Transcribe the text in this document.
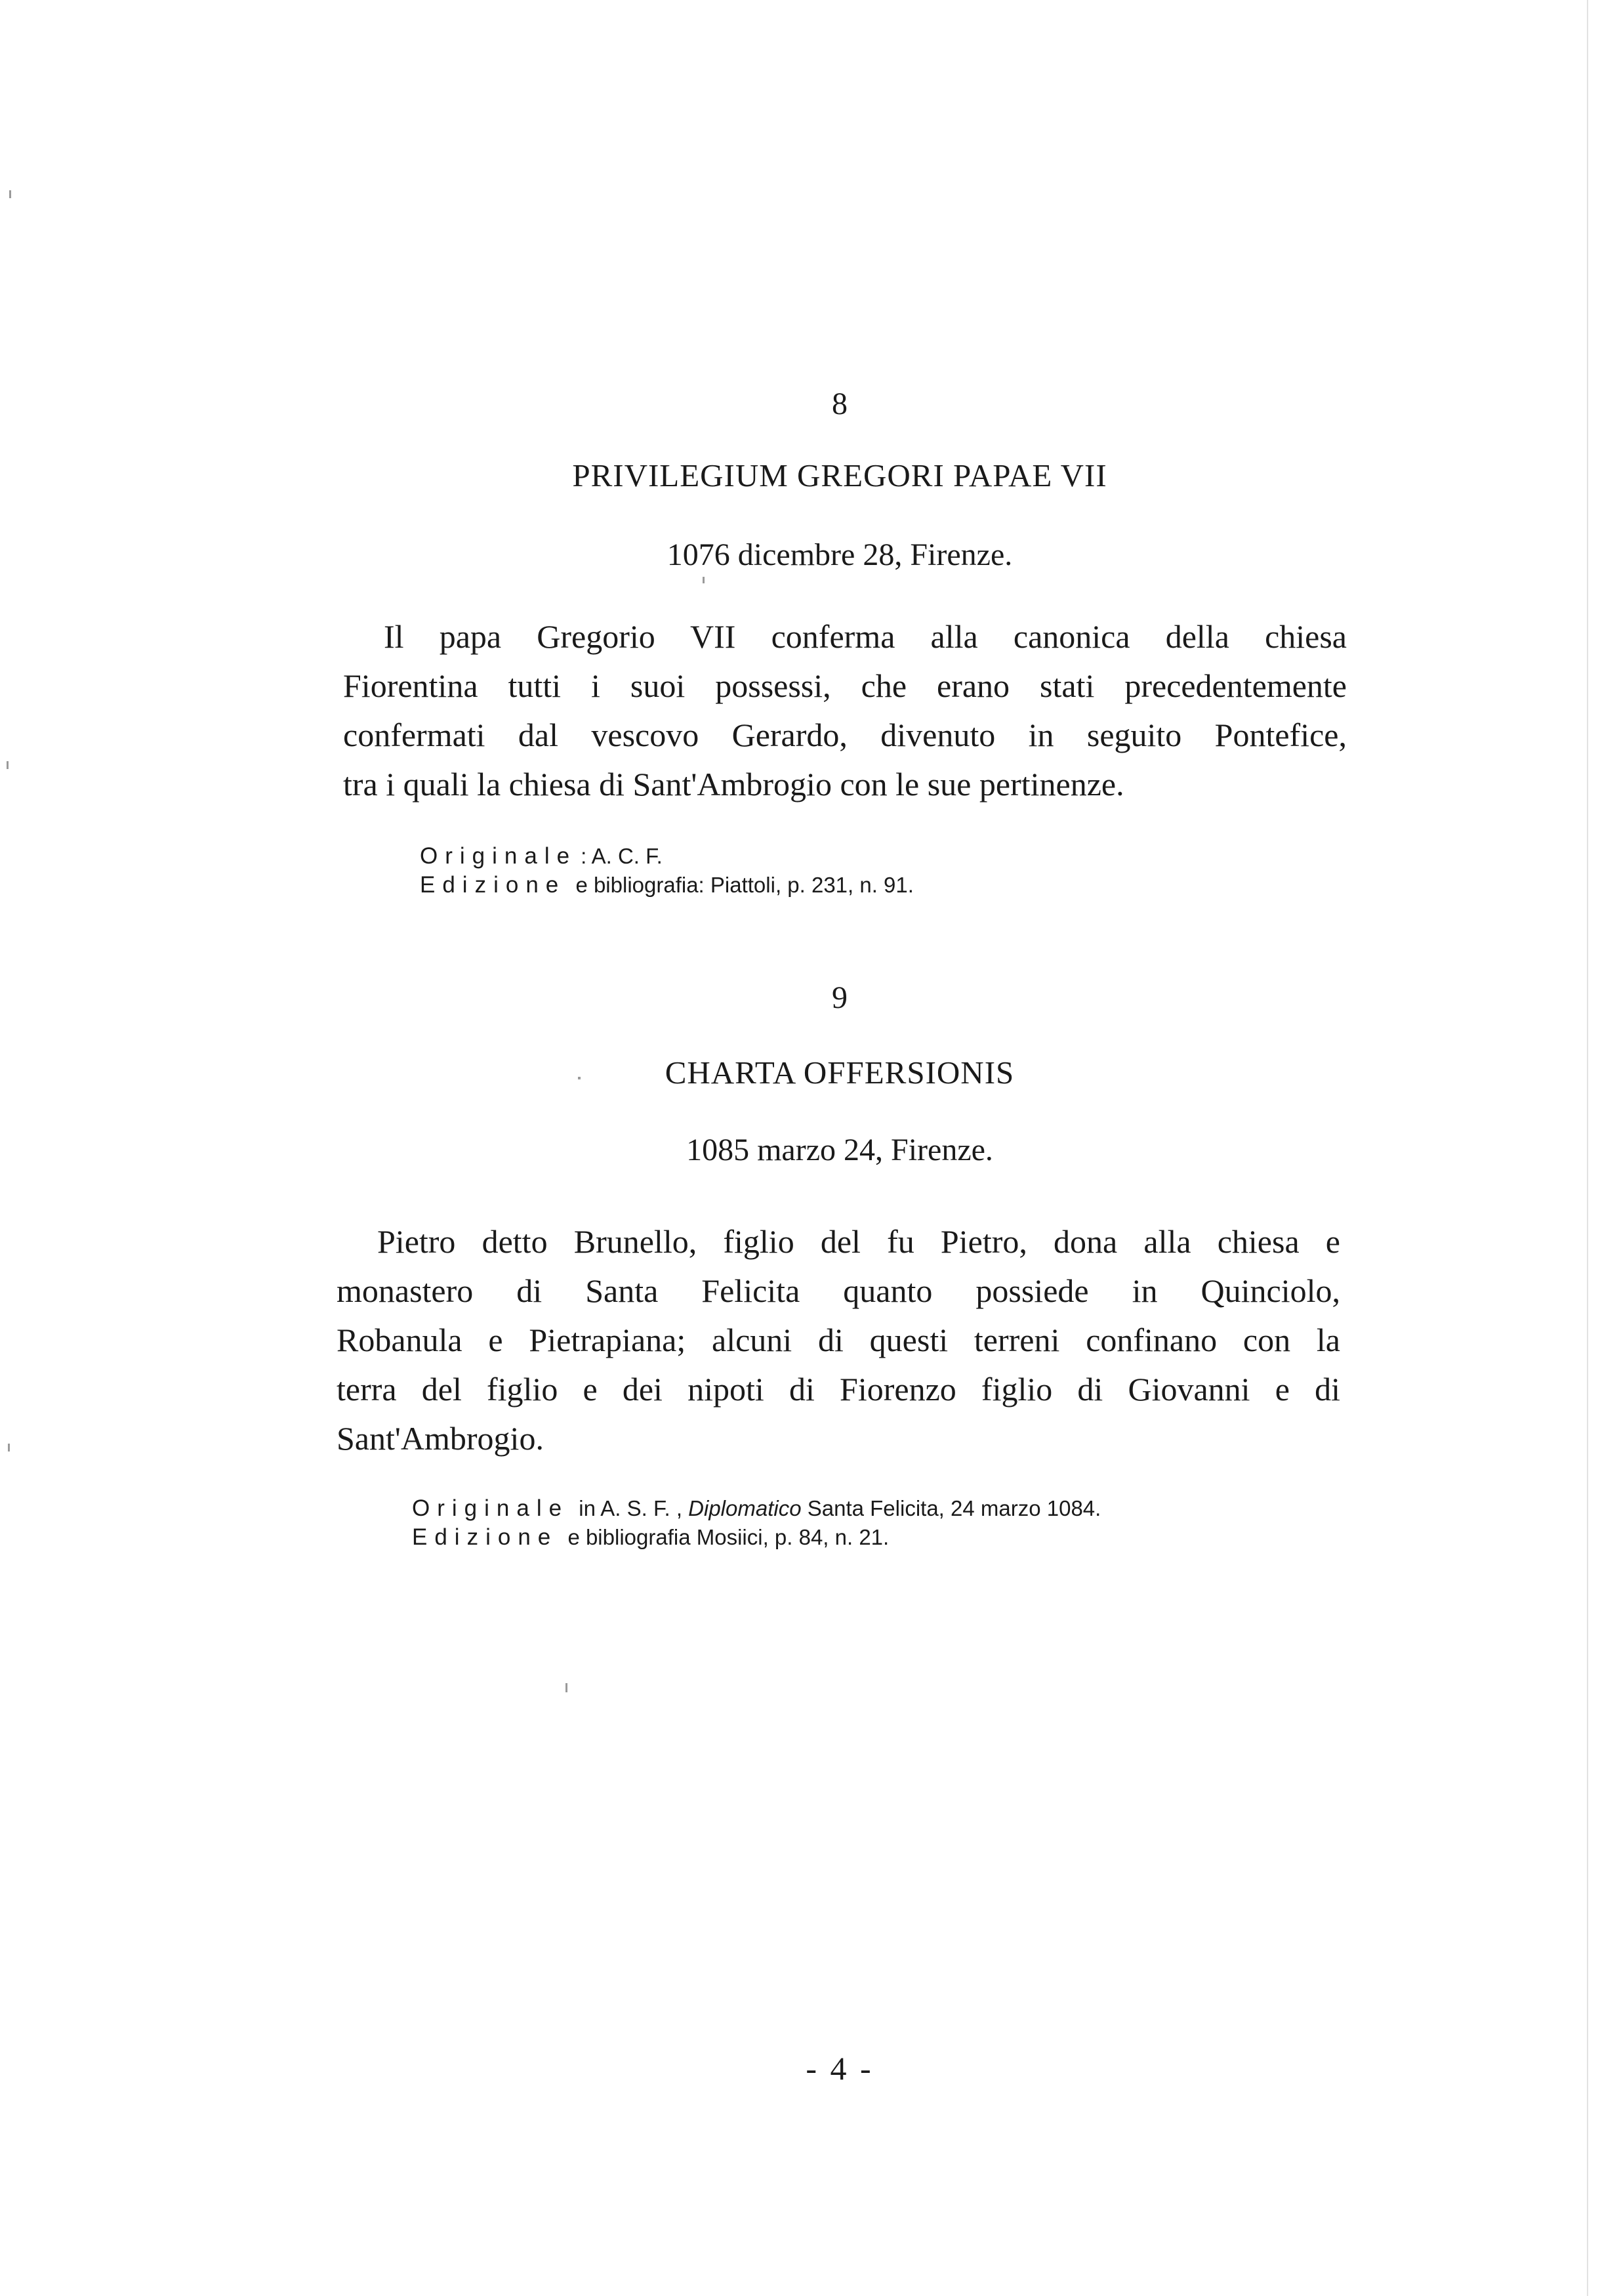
8
PRIVILEGIUM GREGORI PAPAE VII
1076 dicembre 28, Firenze.
Il papa Gregorio VII conferma alla canonica della chiesa
Fiorentina tutti i suoi possessi, che erano stati precedentemente
confermati dal vescovo Gerardo, divenuto in seguito Pontefice,
tra i quali la chiesa di Sant'Ambrogio con le sue pertinenze.
Originale : A. C. F.
Edizione e bibliografia: Piattoli, p. 231, n. 91.
9
CHARTA OFFERSIONIS
1085 marzo 24, Firenze.
Pietro detto Brunello, figlio del fu Pietro, dona alla chiesa e
monastero di Santa Felicita quanto possiede in Quinciolo,
Robanula e Pietrapiana; alcuni di questi terreni confinano con la
terra del figlio e dei nipoti di Fiorenzo figlio di Giovanni e di
Sant'Ambrogio.
Originale in A. S. F. , Diplomatico Santa Felicita, 24 marzo 1084.
Edizione e bibliografia Mosiici, p. 84, n. 21.
- 4 -
